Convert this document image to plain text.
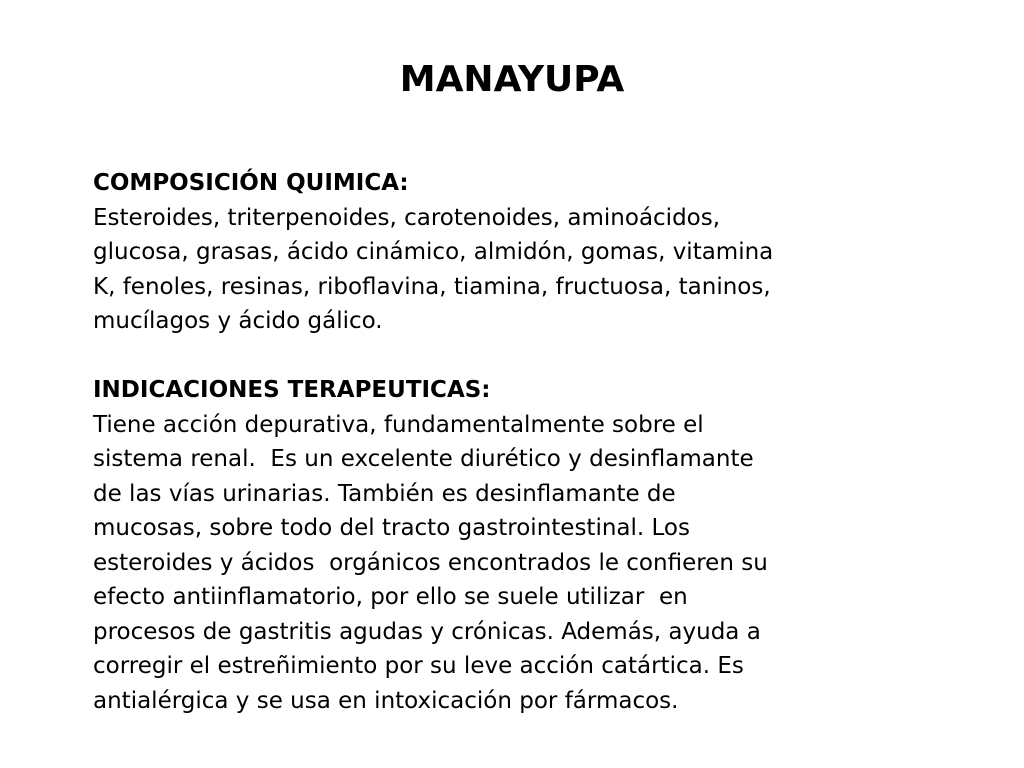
MANAYUPA

COMPOSICIÓN QUIMICA:

Esteroides, triterpenoides, carotenoides, aminoácidos,

glucosa, grasas, ácido cinámico, almidón, gomas, vitamina

K, fenoles, resinas, riboflavina, tiamina, fructuosa, taninos,

mucílagos y ácido gálico.

INDICACIONES TERAPEUTICAS:

Tiene acción depurativa, fundamentalmente sobre el

sistema renal.  Es un excelente diurético y desinflamante

de las vías urinarias. También es desinflamante de

mucosas, sobre todo del tracto gastrointestinal. Los

esteroides y ácidos  orgánicos encontrados le confieren su

efecto antiinflamatorio, por ello se suele utilizar  en

procesos de gastritis agudas y crónicas. Además, ayuda a

corregir el estreñimiento por su leve acción catártica. Es

antialérgica y se usa en intoxicación por fármacos.
